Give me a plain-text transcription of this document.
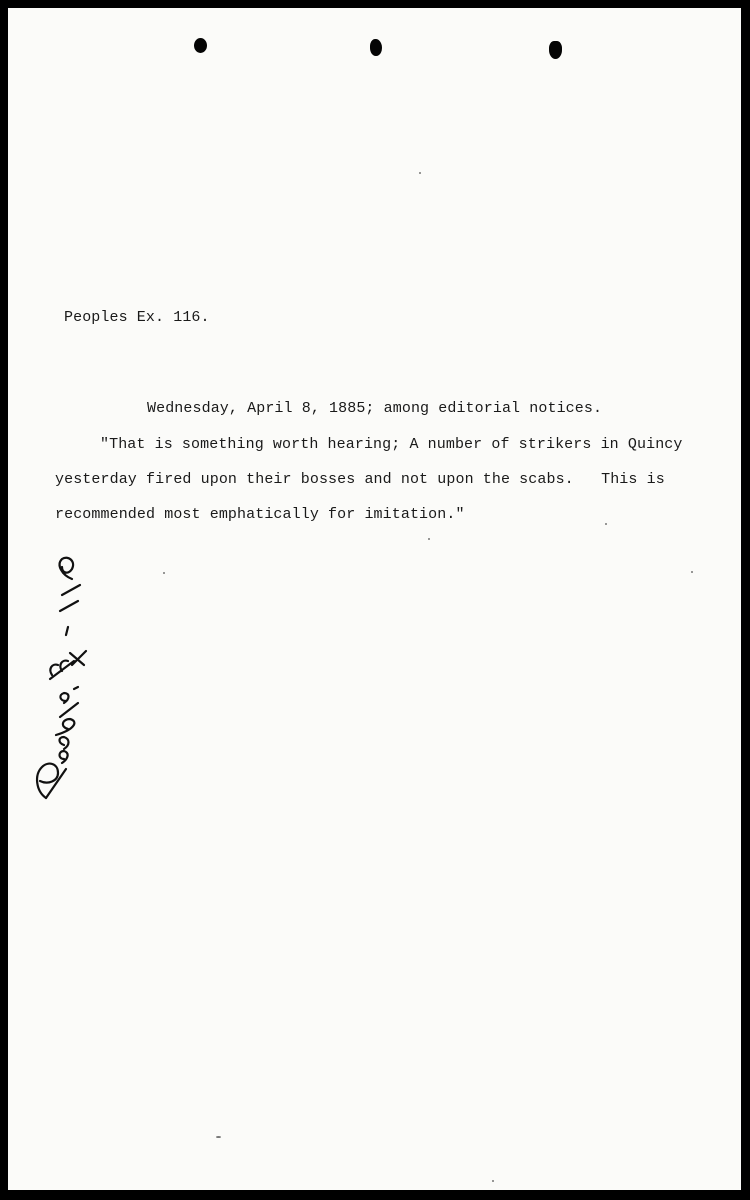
Peoples Ex. 116.
Wednesday, April 8, 1885; among editorial notices.
"That is something worth hearing; A number of strikers in Quincy
yesterday fired upon their bosses and not upon the scabs.   This is
recommended most emphatically for imitation."
